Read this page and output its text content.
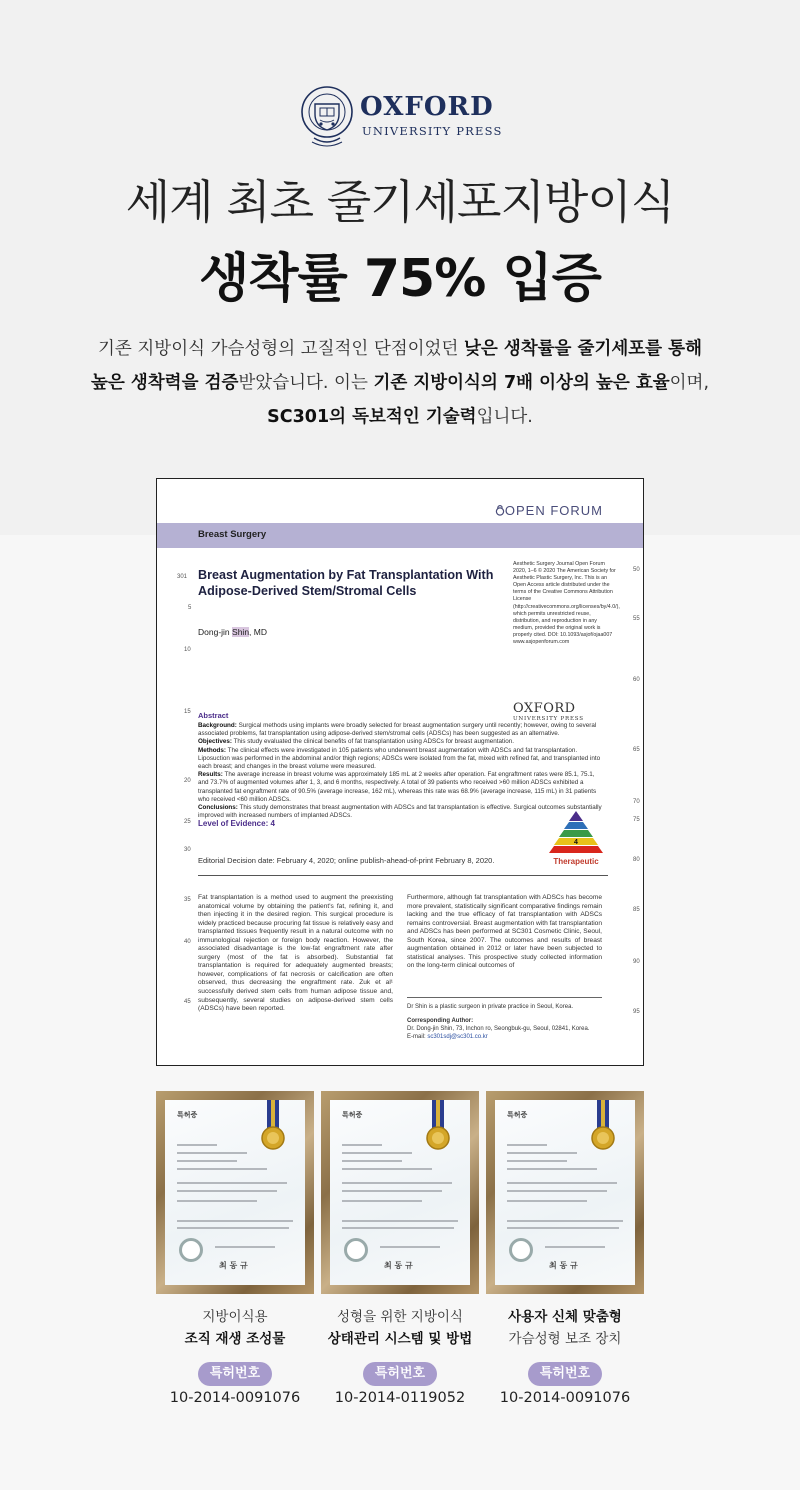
OXFORD
UNIVERSITY PRESS
세계 최초 줄기세포지방이식
생착률 75% 입증
기존 지방이식 가슴성형의 고질적인 단점이었던 낮은 생착률을 줄기세포를 통해
높은 생착력을 검증받았습니다. 이는 기존 지방이식의 7배 이상의 높은 효율이며,
SC301의 독보적인 기술력입니다.
OPEN FORUM
Breast Surgery
301
5
10
15
20
25
30
35
40
45
50
55
60
65
70
75
80
85
90
95
Breast Augmentation by Fat Transplantation With Adipose-Derived Stem/Stromal Cells
Dong-jin Shin, MD
Aesthetic Surgery Journal Open Forum 2020, 1–6 © 2020 The American Society for Aesthetic Plastic Surgery, Inc. This is an Open Access article distributed under the terms of the Creative Commons Attribution License (http://creativecommons.org/licenses/by/4.0/), which permits unrestricted reuse, distribution, and reproduction in any medium, provided the original work is properly cited. DOI: 10.1093/asjof/ojaa007 www.asjopenforum.com
OXFORD
UNIVERSITY PRESS
Abstract
Background: Surgical methods using implants were broadly selected for breast augmentation surgery until recently; however, owing to several associated problems, fat transplantation using adipose-derived stem/stromal cells (ADSCs) has been suggested as an alternative.
Objectives: This study evaluated the clinical benefits of fat transplantation using ADSCs for breast augmentation.
Methods: The clinical effects were investigated in 105 patients who underwent breast augmentation with ADSCs and fat transplantation. Liposuction was performed in the abdominal and/or thigh regions; ADSCs were isolated from the fat, mixed with refined fat, and transplanted into each breast; and changes in the breast volume were measured.
Results: The average increase in breast volume was approximately 185 mL at 2 weeks after operation. Fat engraftment rates were 85.1, 75.1, and 73.7% of augmented volumes after 1, 3, and 6 months, respectively. A total of 39 patients who received >60 million ADSCs exhibited a transplanted fat engraftment rate of 90.5% (average increase, 162 mL), whereas this rate was 68.9% (average increase, 115 mL) in 31 patients who received <60 million ADSCs.
Conclusions: This study demonstrates that breast augmentation with ADSCs and fat transplantation is effective. Surgical outcomes substantially improved with increased numbers of implanted ADSCs.
Level of Evidence: 4
4
Therapeutic
Editorial Decision date: February 4, 2020; online publish-ahead-of-print February 8, 2020.
Fat transplantation is a method used to augment the preexisting anatomical volume by obtaining the patient's fat, refining it, and then injecting it in the desired region. This surgical procedure is widely practiced because procuring fat tissue is relatively easy and transplanted tissues frequently result in a natural outcome with no immunological rejection or foreign body reaction. However, the associated disadvantage is the low-fat engraftment rate after surgery (most of the fat is absorbed). Substantial fat transplantation is required for adequately augmented breasts; however, complications of fat necrosis or calcification are often observed, thus decreasing the engraftment rate. Zuk et al¹ successfully derived stem cells from human adipose tissue and, subsequently, several studies on adipose-derived stem cells (ADSCs) have been reported.
Furthermore, although fat transplantation with ADSCs has become more prevalent, statistically significant comparative findings remain lacking and the true efficacy of fat transplantation with ADSCs remains controversial. Breast augmentation with fat transplantation and ADSCs has been performed at SC301 Cosmetic Clinic, Seoul, South Korea, since 2007. The outcomes and results of breast augmentation obtained in 2012 or later have been subjected to statistical analyses. This prospective study collected information on the long-term clinical outcomes of
Dr Shin is a plastic surgeon in private practice in Seoul, Korea.
Corresponding Author:
Dr. Dong-jin Shin, 73, Inchon ro, Seongbuk-gu, Seoul, 02841, Korea.
E-mail: sc301sdj@sc301.co.kr
특허증
최 동 규
특허증
최 동 규
특허증
최 동 규
지방이식용
조직 재생 조성물
성형을 위한 지방이식
상태관리 시스템 및 방법
사용자 신체 맞춤형
가슴성형 보조 장치
특허번호	특허번호	특허번호
10-2014-0091076	10-2014-0119052	10-2014-0091076
